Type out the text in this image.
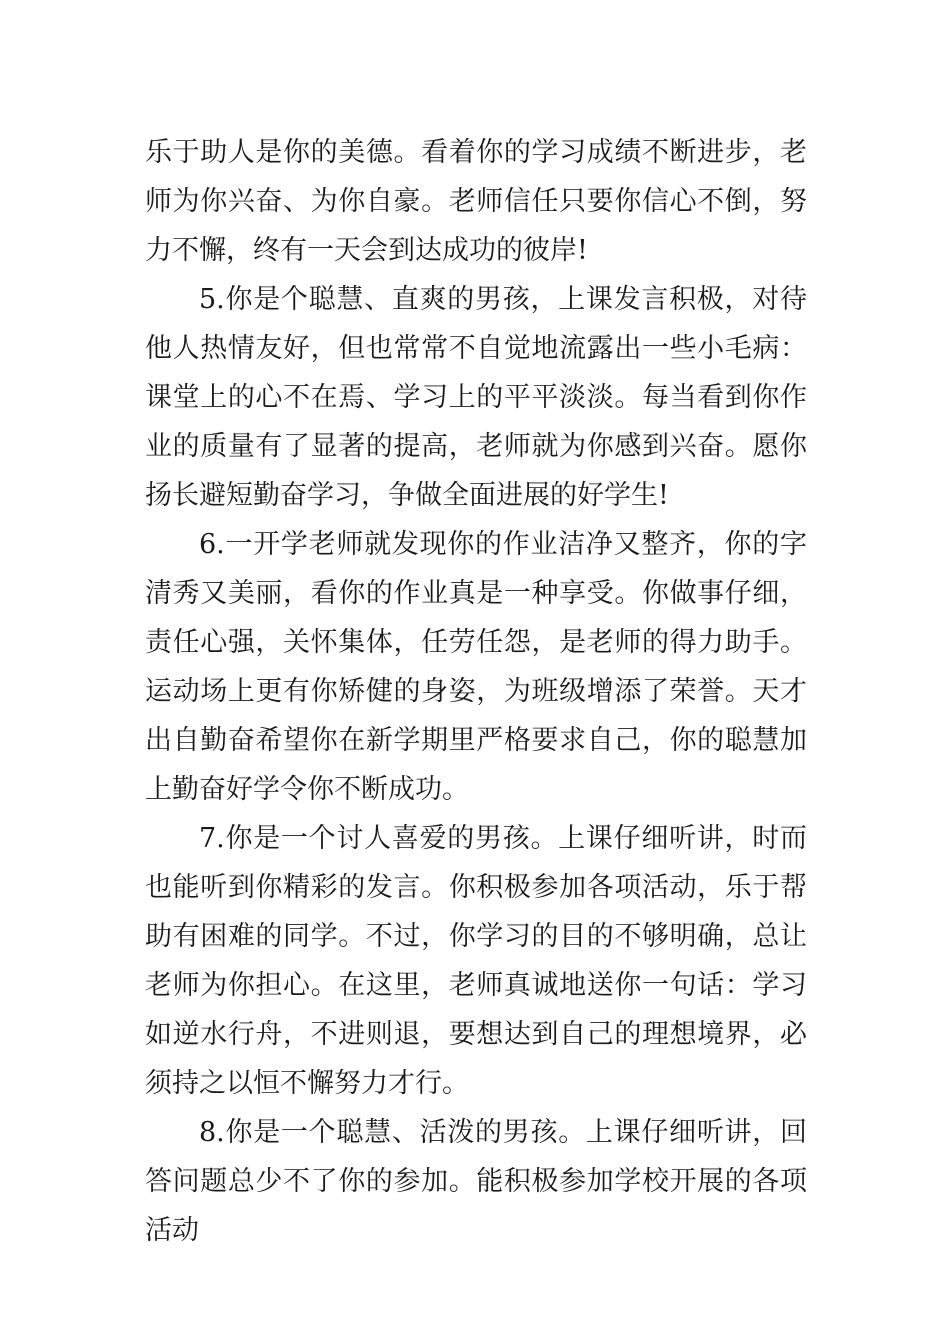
乐于助人是你的美德。看着你的学习成绩不断进步，老师为你兴奋、为你自豪。老师信任只要你信心不倒，努力不懈，终有一天会到达成功的彼岸!

5.你是个聪慧、直爽的男孩，上课发言积极，对待他人热情友好，但也常常不自觉地流露出一些小毛病：课堂上的心不在焉、学习上的平平淡淡。每当看到你作业的质量有了显著的提高，老师就为你感到兴奋。愿你扬长避短勤奋学习，争做全面进展的好学生!

6.一开学老师就发现你的作业洁净又整齐，你的字清秀又美丽，看你的作业真是一种享受。你做事仔细，责任心强，关怀集体，任劳任怨，是老师的得力助手。运动场上更有你矫健的身姿，为班级增添了荣誉。天才出自勤奋希望你在新学期里严格要求自己，你的聪慧加上勤奋好学令你不断成功。

7.你是一个讨人喜爱的男孩。上课仔细听讲，时而也能听到你精彩的发言。你积极参加各项活动，乐于帮助有困难的同学。不过，你学习的目的不够明确，总让老师为你担心。在这里，老师真诚地送你一句话：学习如逆水行舟，不进则退，要想达到自己的理想境界，必须持之以恒不懈努力才行。

8.你是一个聪慧、活泼的男孩。上课仔细听讲，回答问题总少不了你的参加。能积极参加学校开展的各项活动
